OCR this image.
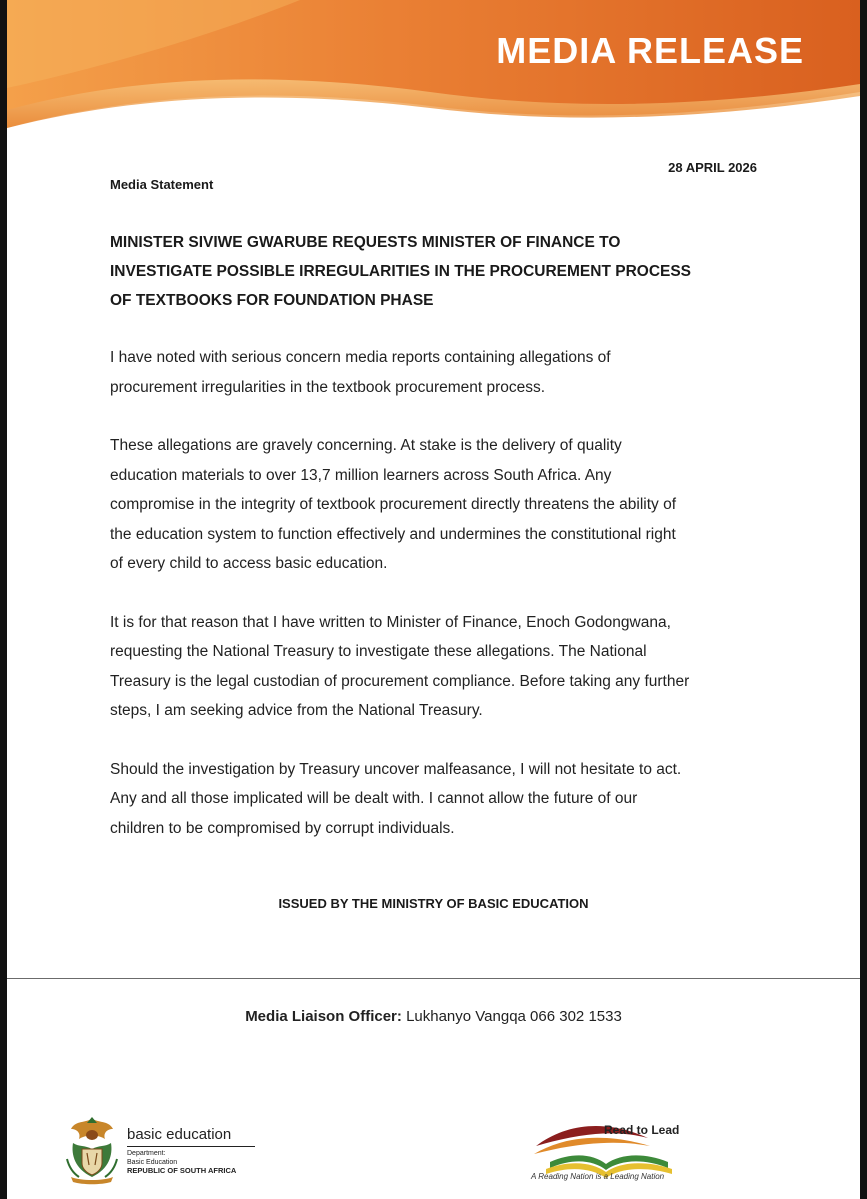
MEDIA RELEASE
28 APRIL 2026
Media Statement
MINISTER SIVIWE GWARUBE REQUESTS MINISTER OF FINANCE TO
INVESTIGATE POSSIBLE IRREGULARITIES IN THE PROCUREMENT PROCESS
OF TEXTBOOKS FOR FOUNDATION PHASE
I have noted with serious concern media reports containing allegations of
procurement irregularities in the textbook procurement process.
These allegations are gravely concerning. At stake is the delivery of quality
education materials to over 13,7 million learners across South Africa. Any
compromise in the integrity of textbook procurement directly threatens the ability of
the education system to function effectively and undermines the constitutional right
of every child to access basic education.
It is for that reason that I have written to Minister of Finance, Enoch Godongwana,
requesting the National Treasury to investigate these allegations. The National
Treasury is the legal custodian of procurement compliance. Before taking any further
steps, I am seeking advice from the National Treasury.
Should the investigation by Treasury uncover malfeasance, I will not hesitate to act.
Any and all those implicated will be dealt with. I cannot allow the future of our
children to be compromised by corrupt individuals.
ISSUED BY THE MINISTRY OF BASIC EDUCATION
Media Liaison Officer: Lukhanyo Vangqa 066 302 1533
basic education
Department:
Basic Education
REPUBLIC OF SOUTH AFRICA
Read to Lead
A Reading Nation is a Leading Nation
